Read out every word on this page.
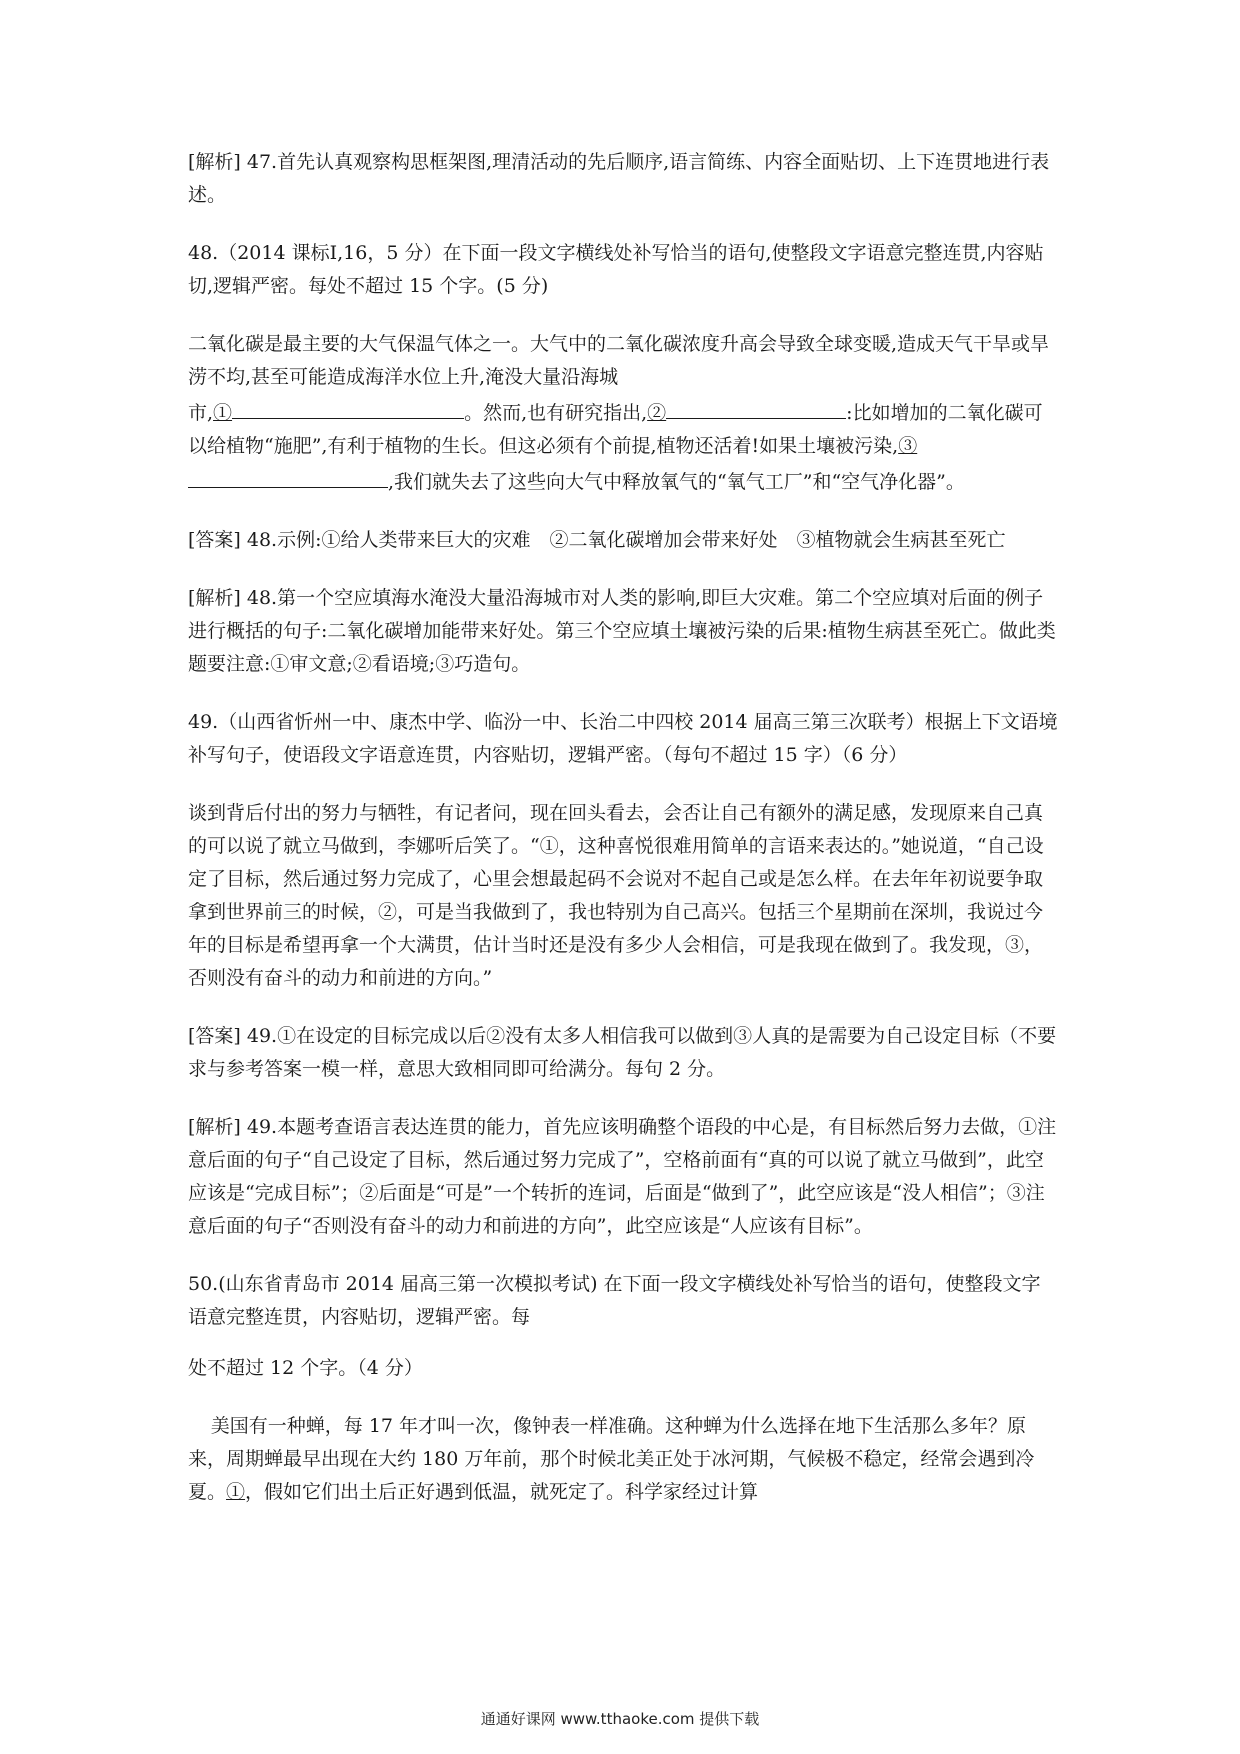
[解析] 47.首先认真观察构思框架图,理清活动的先后顺序,语言简练、内容全面贴切、上下连贯地进行表述。

48.（2014 课标Ⅰ,16，5 分）在下面一段文字横线处补写恰当的语句,使整段文字语意完整连贯,内容贴切,逻辑严密。每处不超过 15 个字。(5 分)

二氧化碳是最主要的大气保温气体之一。大气中的二氧化碳浓度升高会导致全球变暖,造成天气干旱或旱涝不均,甚至可能造成海洋水位上升,淹没大量沿海城
市,①	。然而,也有研究指出,②	:比如增加的二氧化碳可以给植物“施肥”,有利于植物的生长。但这必须有个前提,植物还活着!如果土壤被污染,③,我们就失去了这些向大气中释放氧气的“氧气工厂”和“空气净化器”。

[答案] 48.示例:①给人类带来巨大的灾难　②二氧化碳增加会带来好处　③植物就会生病甚至死亡

[解析] 48.第一个空应填海水淹没大量沿海城市对人类的影响,即巨大灾难。第二个空应填对后面的例子进行概括的句子:二氧化碳增加能带来好处。第三个空应填土壤被污染的后果:植物生病甚至死亡。做此类题要注意:①审文意;②看语境;③巧造句。

49.（山西省忻州一中、康杰中学、临汾一中、长治二中四校 2014 届高三第三次联考）根据上下文语境补写句子，使语段文字语意连贯，内容贴切，逻辑严密。（每句不超过 15 字）（6 分）

谈到背后付出的努力与牺牲，有记者问，现在回头看去，会否让自己有额外的满足感，发现原来自己真的可以说了就立马做到，李娜听后笑了。“①，这种喜悦很难用简单的言语来表达的。”她说道，“自己设定了目标，然后通过努力完成了，心里会想最起码不会说对不起自己或是怎么样。在去年年初说要争取拿到世界前三的时候，②，可是当我做到了，我也特别为自己高兴。包括三个星期前在深圳，我说过今年的目标是希望再拿一个大满贯，估计当时还是没有多少人会相信，可是我现在做到了。我发现，③，否则没有奋斗的动力和前进的方向。”

[答案] 49.①在设定的目标完成以后②没有太多人相信我可以做到③人真的是需要为自己设定目标（不要求与参考答案一模一样，意思大致相同即可给满分。每句 2 分。

[解析] 49.本题考查语言表达连贯的能力，首先应该明确整个语段的中心是，有目标然后努力去做，①注意后面的句子“自己设定了目标，然后通过努力完成了”，空格前面有“真的可以说了就立马做到”，此空应该是“完成目标”；②后面是“可是”一个转折的连词，后面是“做到了”，此空应该是“没人相信”；③注意后面的句子“否则没有奋斗的动力和前进的方向”，此空应该是“人应该有目标”。

50.(山东省青岛市 2014 届高三第一次模拟考试) 在下面一段文字横线处补写恰当的语句，使整段文字语意完整连贯，内容贴切，逻辑严密。每

处不超过 12 个字。（4 分）

美国有一种蝉，每 17 年才叫一次，像钟表一样准确。这种蝉为什么选择在地下生活那么多年？原来，周期蝉最早出现在大约 180 万年前，那个时候北美正处于冰河期，气候极不稳定，经常会遇到冷夏。①，假如它们出土后正好遇到低温，就死定了。科学家经过计算

通通好课网 www.tthaoke.com 提供下载
